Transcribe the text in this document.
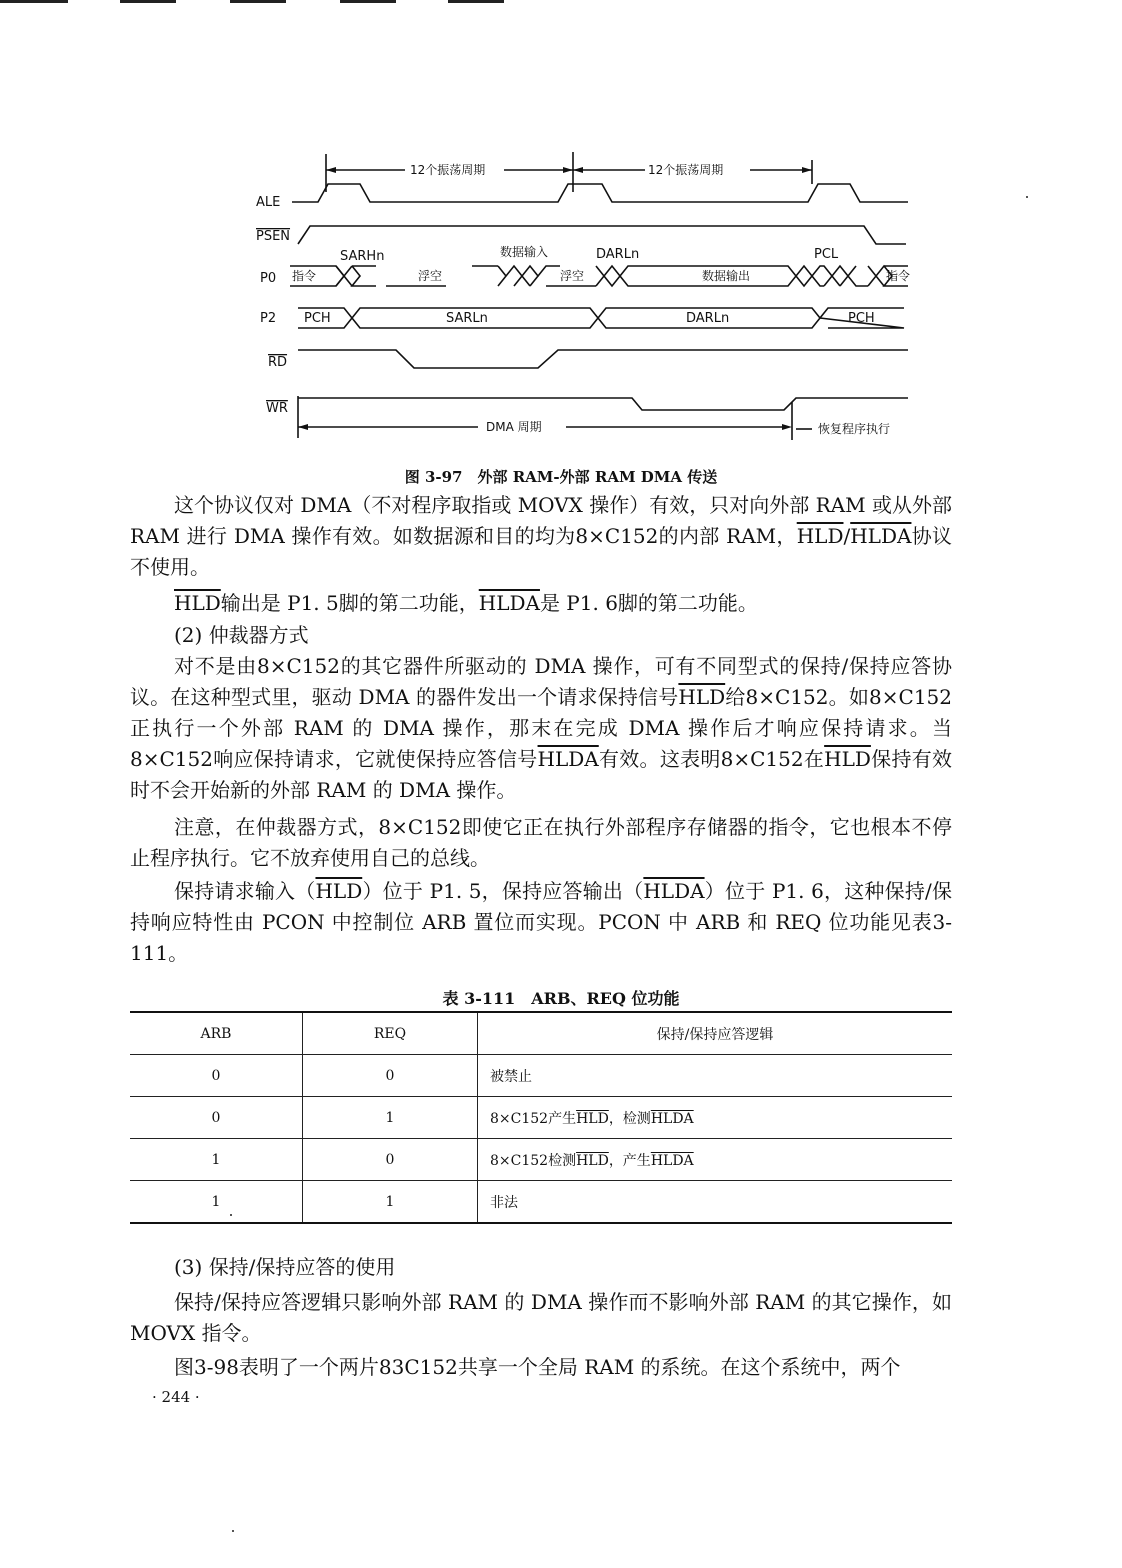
ALE
PSEN
P0
P2
RD
WR
12个振荡周期	12个振荡周期
DMA 周期	恢复程序执行
SARHn	数据输入	DARLn	PCL
指令	浮空	浮空	数据输出	指令
PCH	SARLn	DARLn	PCH
图 3-97　外部 RAM-外部 RAM DMA 传送
这个协议仅对 DMA（不对程序取指或 MOVX 操作）有效，只对向外部 RAM 或从外部 RAM 进行 DMA 操作有效。如数据源和目的均为8×C152的内部 RAM，$\overline{HLD}$/HLDA协议不使用。
$\overline{HLD}$输出是 P1. 5脚的第二功能，HLDA是 P1. 6脚的第二功能。
(2) 仲裁器方式
对不是由8×C152的其它器件所驱动的 DMA 操作，可有不同型式的保持/保持应答协议。在这种型式里，驱动 DMA 的器件发出一个请求保持信号$\overline{HLD}$给8×C152。如8×C152正执行一个外部 RAM 的 DMA 操作，那末在完成 DMA 操作后才响应保持请求。当8×C152响应保持请求，它就使保持应答信号HLDA有效。这表明8×C152在$\overline{HLD}$保持有效时不会开始新的外部 RAM 的 DMA 操作。
注意，在仲裁器方式，8×C152即使它正在执行外部程序存储器的指令，它也根本不停止程序执行。它不放弃使用自己的总线。
保持请求输入$(\overline{HLD})$位于 P1. 5，保持应答输出（HLDA）位于 P1. 6，这种保持/保持响应特性由 PCON 中控制位 ARB 置位而实现。PCON 中 ARB 和 REQ 位功能见表3-111。
表 3-111　ARB、REQ 位功能
ARB	REQ	保持/保持应答逻辑
0	0	被禁止
0	1	8×C152产生$\overline{HLD}$，检测HLDA
1	0	8×C152检测$\overline{HLD}$，产生HLDA
1	1	非法
(3) 保持/保持应答的使用
保持/保持应答逻辑只影响外部 RAM 的 DMA 操作而不影响外部 RAM 的其它操作，如 MOVX 指令。
图3-98表明了一个两片83C152共享一个全局 RAM 的系统。在这个系统中，两个
· 244 ·
